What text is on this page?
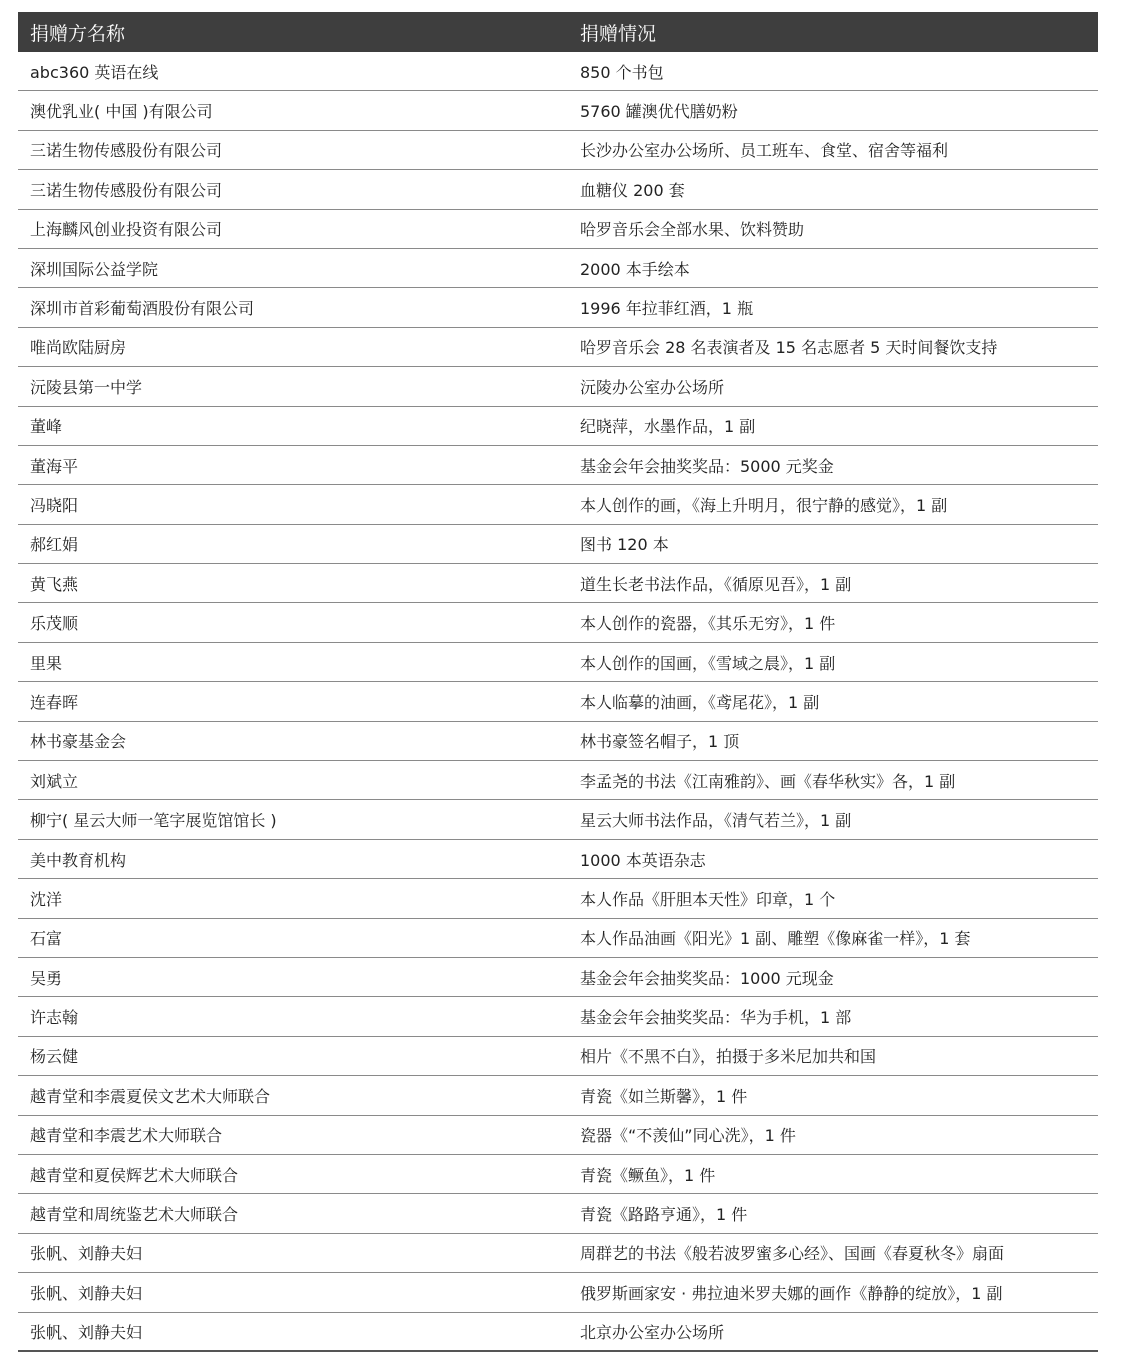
捐赠方名称	捐赠情况
abc360 英语在线	850 个书包
澳优乳业( 中国 )有限公司	5760 罐澳优代膳奶粉
三诺生物传感股份有限公司	长沙办公室办公场所、员工班车、食堂、宿舍等福利
三诺生物传感股份有限公司	血糖仪 200 套
上海麟风创业投资有限公司	哈罗音乐会全部水果、饮料赞助
深圳国际公益学院	2000 本手绘本
深圳市首彩葡萄酒股份有限公司	1996 年拉菲红酒，1 瓶
唯尚欧陆厨房	哈罗音乐会 28 名表演者及 15 名志愿者 5 天时间餐饮支持
沅陵县第一中学	沅陵办公室办公场所
董峰	纪晓萍，水墨作品，1 副
董海平	基金会年会抽奖奖品：5000 元奖金
冯晓阳	本人创作的画，《海上升明月，很宁静的感觉》，1 副
郝红娟	图书 120 本
黄飞燕	道生长老书法作品，《循原见吾》，1 副
乐茂顺	本人创作的瓷器，《其乐无穷》，1 件
里果	本人创作的国画，《雪域之晨》，1 副
连春晖	本人临摹的油画，《鸢尾花》，1 副
林书豪基金会	林书豪签名帽子，1 顶
刘斌立	李孟尧的书法《江南雅韵》、画《春华秋实》各，1 副
柳宁( 星云大师一笔字展览馆馆长 )	星云大师书法作品，《清气若兰》，1 副
美中教育机构	1000 本英语杂志
沈洋	本人作品《肝胆本天性》印章，1 个
石富	本人作品油画《阳光》1 副、雕塑《像麻雀一样》，1 套
吴勇	基金会年会抽奖奖品：1000 元现金
许志翰	基金会年会抽奖奖品：华为手机，1 部
杨云健	相片《不黑不白》，拍摄于多米尼加共和国
越青堂和李震夏侯文艺术大师联合	青瓷《如兰斯馨》，1 件
越青堂和李震艺术大师联合	瓷器《“不羡仙”同心洗》，1 件
越青堂和夏侯辉艺术大师联合	青瓷《鳜鱼》，1 件
越青堂和周统鉴艺术大师联合	青瓷《路路亨通》，1 件
张帆、刘静夫妇	周群艺的书法《般若波罗蜜多心经》、国画《春夏秋冬》扇面
张帆、刘静夫妇	俄罗斯画家安 · 弗拉迪米罗夫娜的画作《静静的绽放》，1 副
张帆、刘静夫妇	北京办公室办公场所
